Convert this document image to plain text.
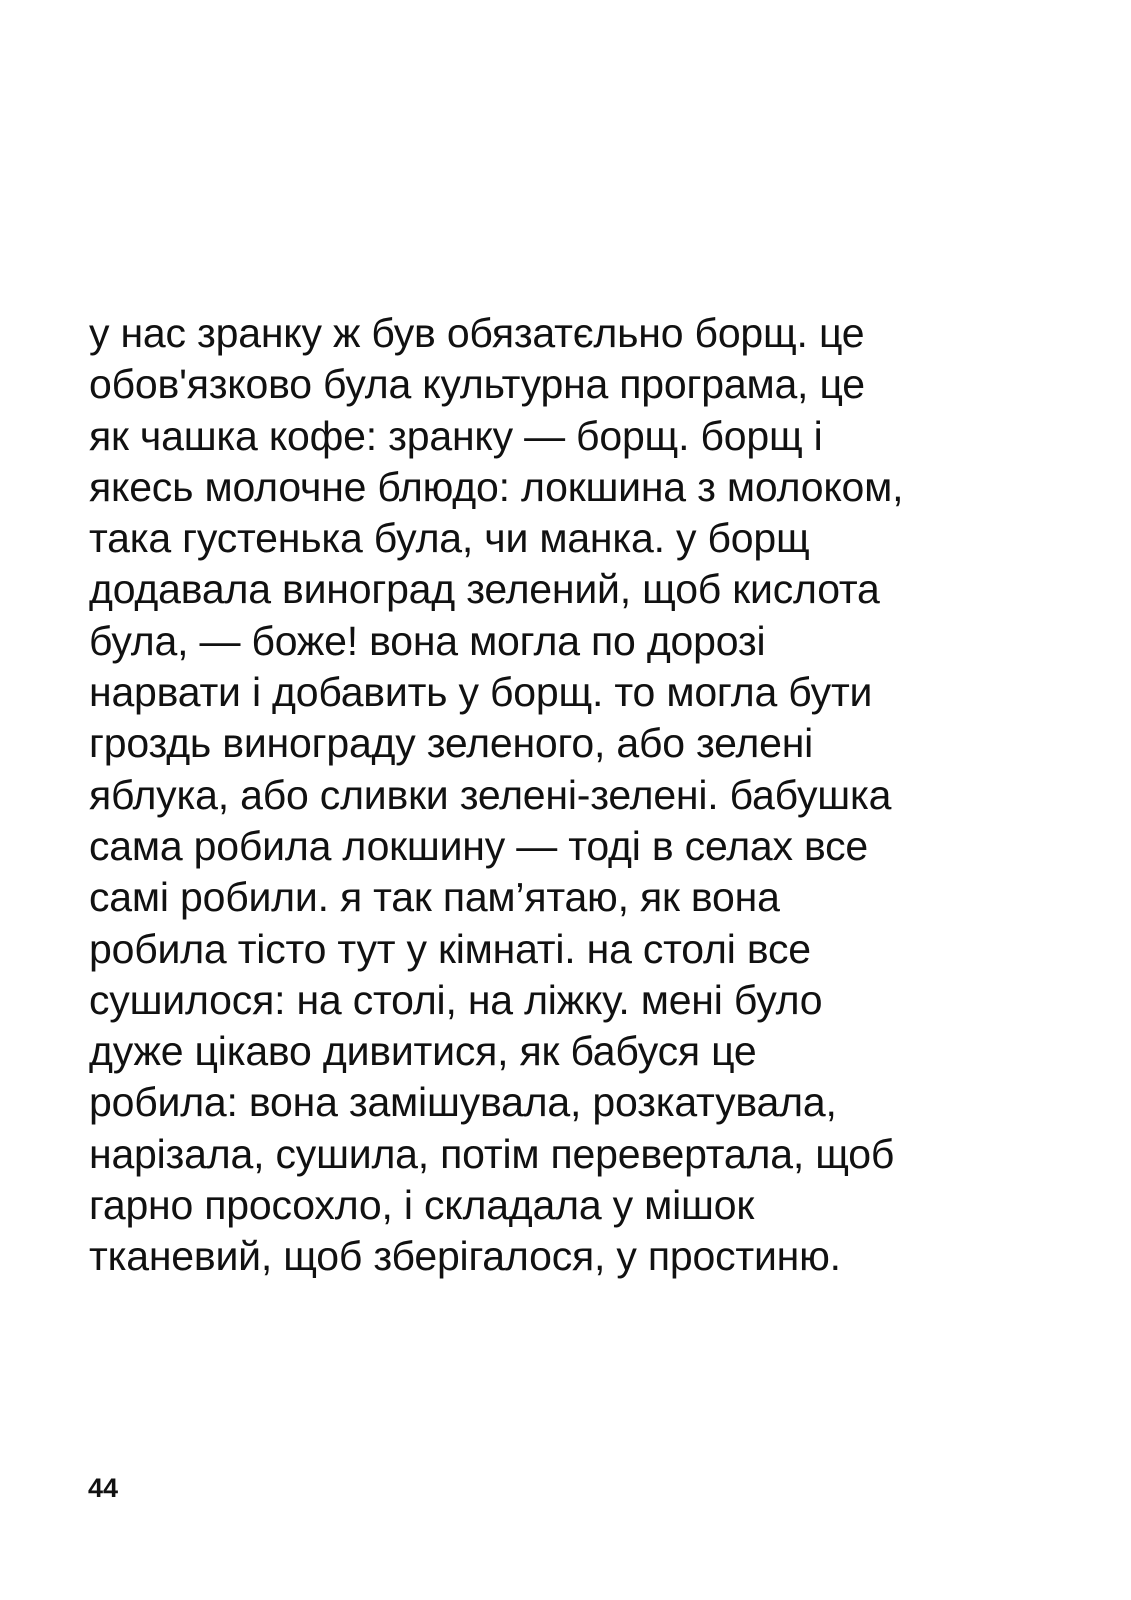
у нас зранку ж був обязатєльно борщ. це
обов'язково була культурна програма, це
як чашка кофе: зранку — борщ. борщ і
якесь молочне блюдо: локшина з молоком,
така густенька була, чи манка. у борщ
додавала виноград зелений, щоб кислота
була, — боже! вона могла по дорозі
нарвати і добавить у борщ. то могла бути
гроздь винограду зеленого, або зелені
яблука, або сливки зелені-зелені. бабушка
сама робила локшину — тоді в селах все
самі робили. я так пам’ятаю, як вона
робила тісто тут у кімнаті. на столі все
сушилося: на столі, на ліжку. мені було
дуже цікаво дивитися, як бабуся це
робила: вона замішувала, розкатувала,
нарізала, сушила, потім перевертала, щоб
гарно просохло, і складала у мішок
тканевий, щоб зберігалося, у простиню.
44
